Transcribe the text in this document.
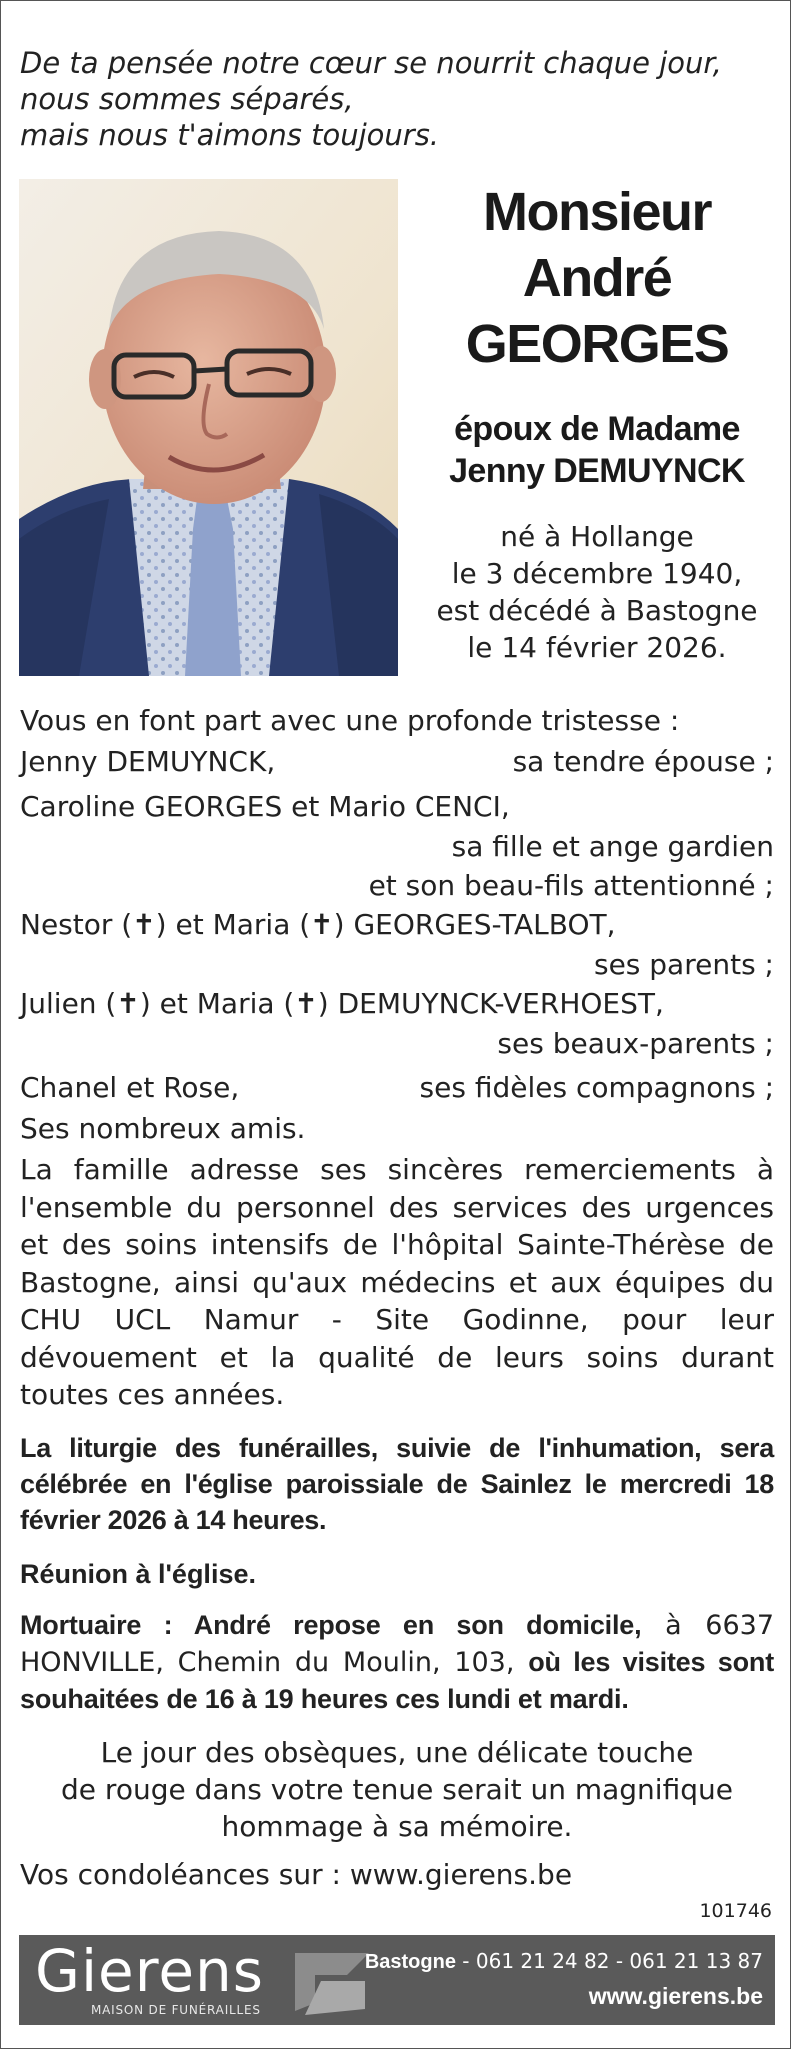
De ta pensée notre cœur se nourrit chaque jour,
nous sommes séparés,
mais nous t'aimons toujours.
Monsieur
André
GEORGES
époux de Madame
Jenny DEMUYNCK
né à Hollange
le 3 décembre 1940,
est décédé à Bastogne
le 14 février 2026.
Vous en font part avec une profonde tristesse :
Jenny DEMUYNCK,	sa tendre épouse ;
Caroline GEORGES et Mario CENCI,
sa fille et ange gardien
et son beau-fils attentionné ;
Nestor (✝) et Maria (✝) GEORGES-TALBOT,
ses parents ;
Julien (✝) et Maria (✝) DEMUYNCK-VERHOEST,
ses beaux-parents ;
Chanel et Rose,	ses fidèles compagnons ;
Ses nombreux amis.
La famille adresse ses sincères remerciements à l'ensemble du personnel des services des urgences et des soins intensifs de l'hôpital Sainte-Thérèse de Bastogne, ainsi qu'aux médecins et aux équipes du CHU UCL Namur - Site Godinne, pour leur dévouement et la qualité de leurs soins durant toutes ces années.
La liturgie des funérailles, suivie de l'inhumation, sera célébrée en l'église paroissiale de Sainlez le mercredi 18 février 2026 à 14 heures.
Réunion à l'église.
Mortuaire : André repose en son domicile, à 6637 HONVILLE, Chemin du Moulin, 103, où les visites sont souhaitées de 16 à 19 heures ces lundi et mardi.
Le jour des obsèques, une délicate touche
de rouge dans votre tenue serait un magnifique
hommage à sa mémoire.
Vos condoléances sur : www.gierens.be
101746
Gierens
MAISON DE FUNÉRAILLES
Bastogne - 061 21 24 82 - 061 21 13 87
www.gierens.be
